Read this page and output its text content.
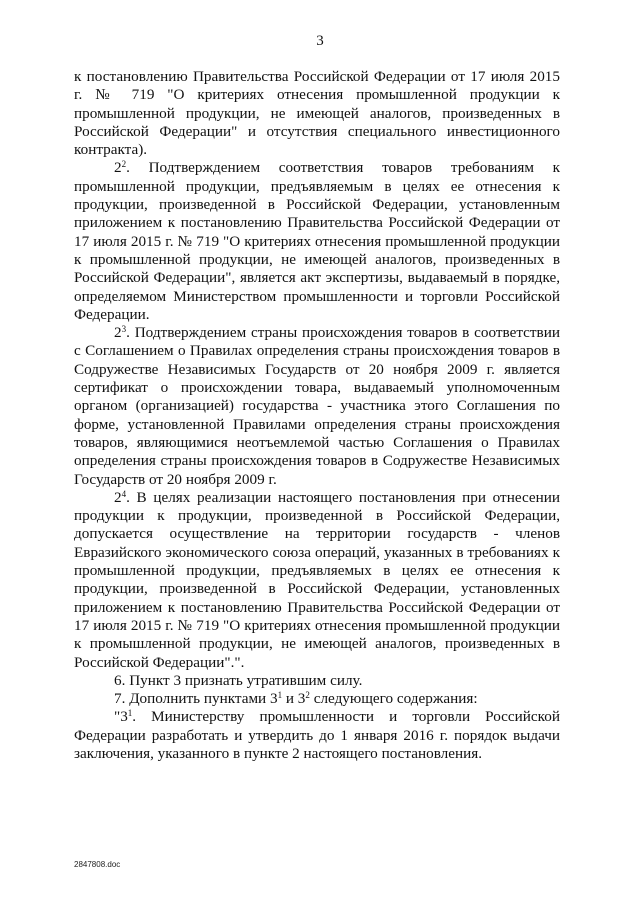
3

к постановлению Правительства Российской Федерации от 17 июля 2015 г. № 719 "О критериях отнесения промышленной продукции к промышленной продукции, не имеющей аналогов, произведенных в Российской Федерации" и отсутствия специального инвестиционного контракта).

$2^2$. Подтверждением соответствия товаров требованиям к промышленной продукции, предъявляемым в целях ее отнесения к продукции, произведенной в Российской Федерации, установленным приложением к постановлению Правительства Российской Федерации от 17 июля 2015 г. № 719 "О критериях отнесения промышленной продукции к промышленной продукции, не имеющей аналогов, произведенных в Российской Федерации", является акт экспертизы, выдаваемый в порядке, определяемом Министерством промышленности и торговли Российской Федерации.

$2^3$. Подтверждением страны происхождения товаров в соответствии с Соглашением о Правилах определения страны происхождения товаров в Содружестве Независимых Государств от 20 ноября 2009 г. является сертификат о происхождении товара, выдаваемый уполномоченным органом (организацией) государства - участника этого Соглашения по форме, установленной Правилами определения страны происхождения товаров, являющимися неотъемлемой частью Соглашения о Правилах определения страны происхождения товаров в Содружестве Независимых Государств от 20 ноября 2009 г.

$2^4$. В целях реализации настоящего постановления при отнесении продукции к продукции, произведенной в Российской Федерации, допускается осуществление на территории государств - членов Евразийского экономического союза операций, указанных в требованиях к промышленной продукции, предъявляемых в целях ее отнесения к продукции, произведенной в Российской Федерации, установленных приложением к постановлению Правительства Российской Федерации от 17 июля 2015 г. № 719 "О критериях отнесения промышленной продукции к промышленной продукции, не имеющей аналогов, произведенных в Российской Федерации".".

6. Пункт 3 признать утратившим силу.

7. Дополнить пунктами $3^1$ и $3^2$ следующего содержания:

"$3^1$. Министерству промышленности и торговли Российской Федерации разработать и утвердить до 1 января 2016 г. порядок выдачи заключения, указанного в пункте 2 настоящего постановления.

2847808.doc
